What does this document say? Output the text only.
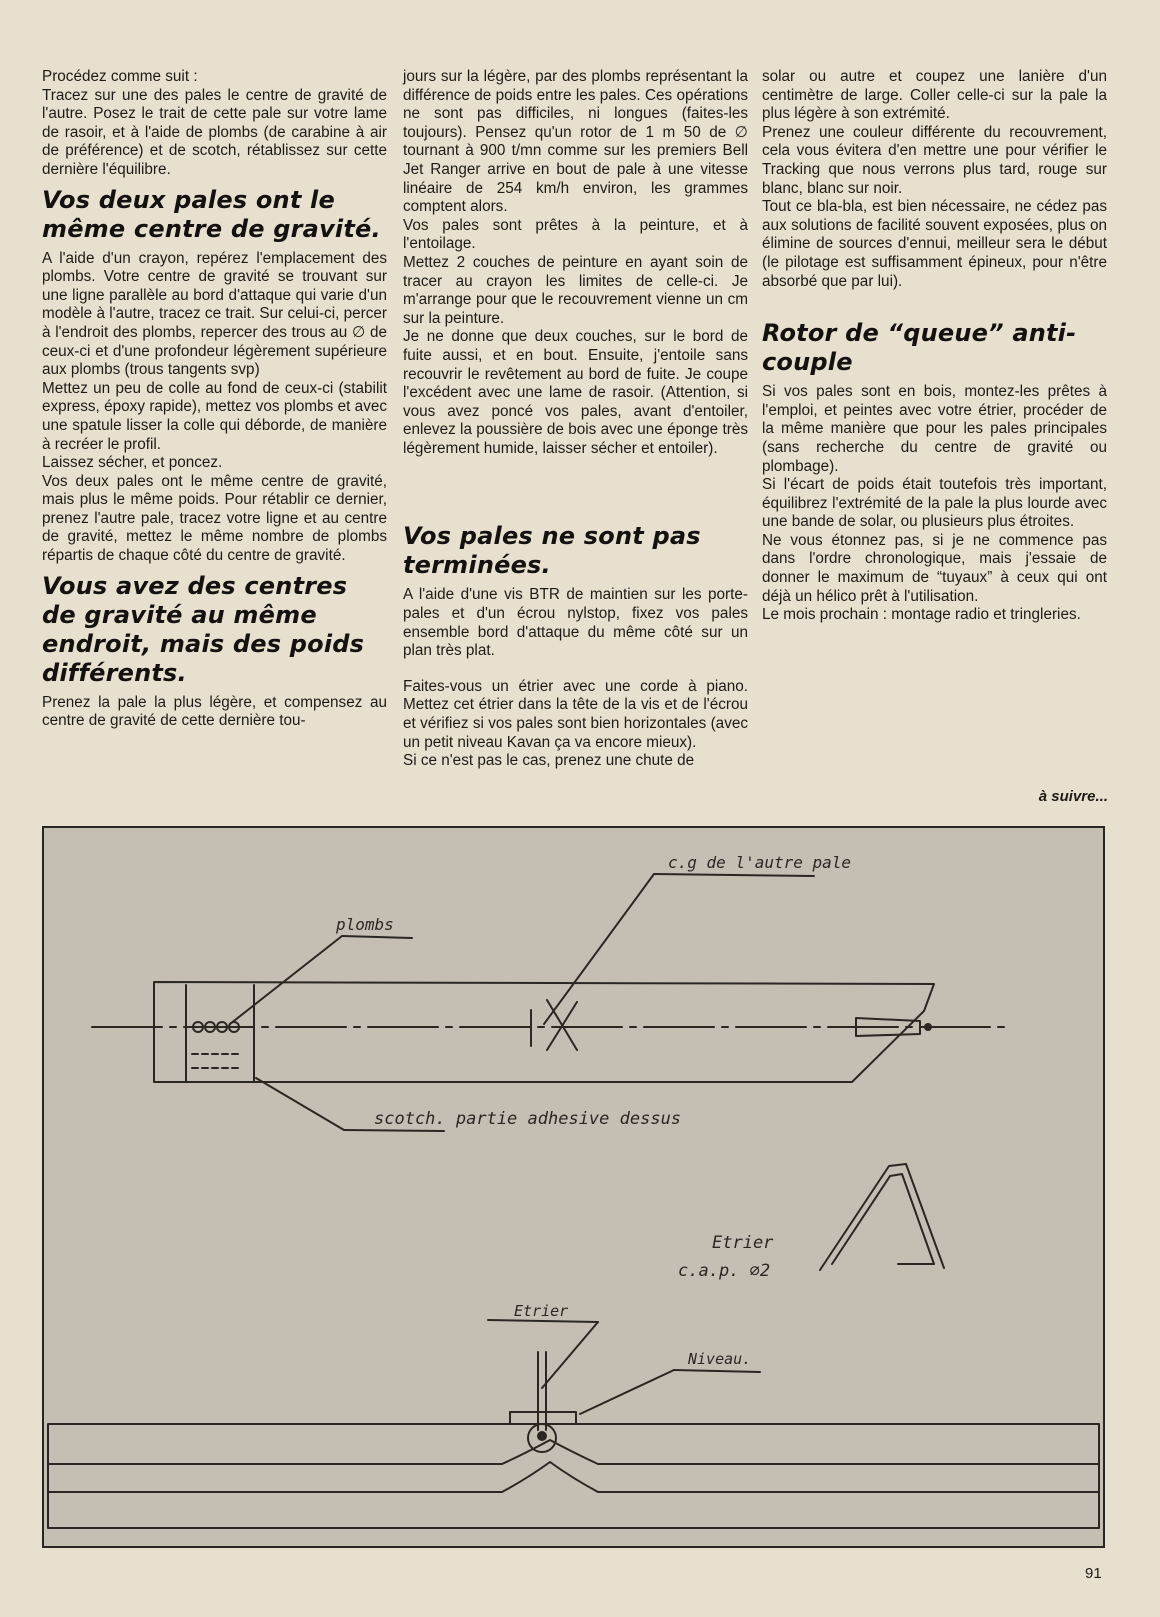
Procédez comme suit :

Tracez sur une des pales le centre de gravité de l'autre. Posez le trait de cette pale sur votre lame de rasoir, et à l'aide de plombs (de carabine à air de préférence) et de scotch, rétablissez sur cette dernière l'équilibre.

Vos deux pales ont le même centre de gravité.

A l'aide d'un crayon, repérez l'emplacement des plombs. Votre centre de gravité se trouvant sur une ligne parallèle au bord d'attaque qui varie d'un modèle à l'autre, tracez ce trait. Sur celui-ci, percer à l'endroit des plombs, repercer des trous au ∅ de ceux-ci et d'une profondeur légèrement supérieure aux plombs (trous tangents svp)

Mettez un peu de colle au fond de ceux-ci (stabilit express, époxy rapide), mettez vos plombs et avec une spatule lisser la colle qui déborde, de manière à recréer le profil.

Laissez sécher, et poncez.

Vos deux pales ont le même centre de gravité, mais plus le même poids. Pour rétablir ce dernier, prenez l'autre pale, tracez votre ligne et au centre de gravité, mettez le même nombre de plombs répartis de chaque côté du centre de gravité.

Vous avez des centres de gravité au même endroit, mais des poids différents.

Prenez la pale la plus légère, et compensez au centre de gravité de cette dernière tou-

jours sur la légère, par des plombs représentant la différence de poids entre les pales. Ces opérations ne sont pas difficiles, ni longues (faites-les toujours). Pensez qu'un rotor de 1 m 50 de ∅ tournant à 900 t/mn comme sur les premiers Bell Jet Ranger arrive en bout de pale à une vitesse linéaire de 254 km/h environ, les grammes comptent alors.

Vos pales sont prêtes à la peinture, et à l'entoilage.

Mettez 2 couches de peinture en ayant soin de tracer au crayon les limites de celle-ci. Je m'arrange pour que le recouvrement vienne un cm sur la peinture.

Je ne donne que deux couches, sur le bord de fuite aussi, et en bout. Ensuite, j'entoile sans recouvrir le revêtement au bord de fuite. Je coupe l'excédent avec une lame de rasoir. (Attention, si vous avez poncé vos pales, avant d'entoiler, enlevez la poussière de bois avec une éponge très légèrement humide, laisser sécher et entoiler).

Vos pales ne sont pas terminées.

A l'aide d'une vis BTR de maintien sur les porte-pales et d'un écrou nylstop, fixez vos pales ensemble bord d'attaque du même côté sur un plan très plat.

Faites-vous un étrier avec une corde à piano. Mettez cet étrier dans la tête de la vis et de l'écrou et vérifiez si vos pales sont bien horizontales (avec un petit niveau Kavan ça va encore mieux).

Si ce n'est pas le cas, prenez une chute de

solar ou autre et coupez une lanière d'un centimètre de large. Coller celle-ci sur la pale la plus légère à son extrémité.

Prenez une couleur différente du recouvrement, cela vous évitera d'en mettre une pour vérifier le Tracking que nous verrons plus tard, rouge sur blanc, blanc sur noir.

Tout ce bla-bla, est bien nécessaire, ne cédez pas aux solutions de facilité souvent exposées, plus on élimine de sources d'ennui, meilleur sera le début (le pilotage est suffisamment épineux, pour n'être absorbé que par lui).

Rotor de “queue” anti-couple

Si vos pales sont en bois, montez-les prêtes à l'emploi, et peintes avec votre étrier, procéder de la même manière que pour les pales principales (sans recherche du centre de gravité ou plombage).

Si l'écart de poids était toutefois très important, équilibrez l'extrémité de la pale la plus lourde avec une bande de solar, ou plusieurs plus étroites.

Ne vous étonnez pas, si je ne commence pas dans l'ordre chronologique, mais j'essaie de donner le maximum de “tuyaux” à ceux qui ont déjà un hélico prêt à l'utilisation.

Le mois prochain : montage radio et tringleries.

à suivre...
c.g de l'autre pale
plombs
scotch. partie adhesive dessus
Etrier
c.a.p. ∅2
Etrier
Niveau.
91
